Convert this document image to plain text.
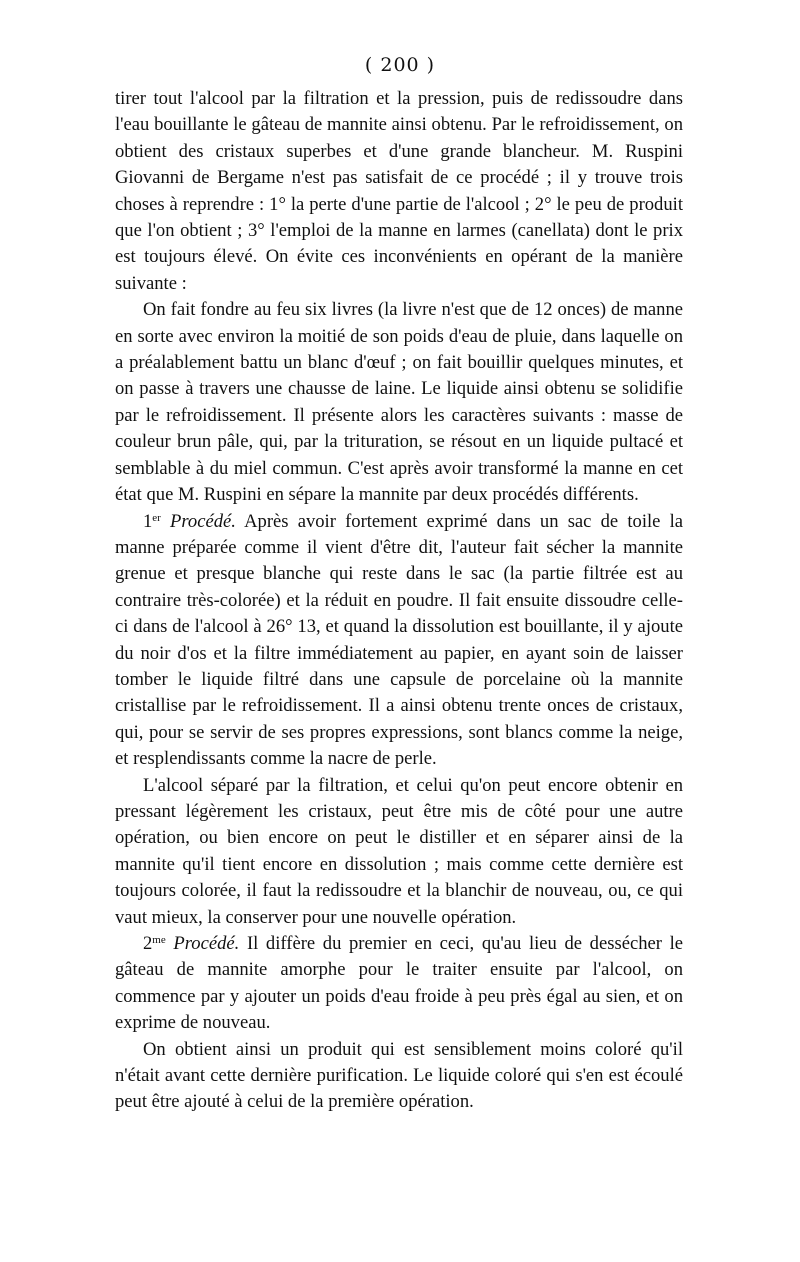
( 200 )

tirer tout l'alcool par la filtration et la pression, puis de redissoudre dans l'eau bouillante le gâteau de mannite ainsi obtenu. Par le refroidissement, on obtient des cristaux superbes et d'une grande blancheur. M. Ruspini Giovanni de Bergame n'est pas satisfait de ce procédé ; il y trouve trois choses à reprendre : 1° la perte d'une partie de l'alcool ; 2° le peu de produit que l'on obtient ; 3° l'emploi de la manne en larmes (canellata) dont le prix est toujours élevé. On évite ces inconvénients en opérant de la manière suivante :

On fait fondre au feu six livres (la livre n'est que de 12 onces) de manne en sorte avec environ la moitié de son poids d'eau de pluie, dans laquelle on a préalablement battu un blanc d'œuf ; on fait bouillir quelques minutes, et on passe à travers une chausse de laine. Le liquide ainsi obtenu se solidifie par le refroidissement. Il présente alors les caractères suivants : masse de couleur brun pâle, qui, par la trituration, se résout en un liquide pultacé et semblable à du miel commun. C'est après avoir transformé la manne en cet état que M. Ruspini en sépare la mannite par deux procédés différents.

1er Procédé. Après avoir fortement exprimé dans un sac de toile la manne préparée comme il vient d'être dit, l'auteur fait sécher la mannite grenue et presque blanche qui reste dans le sac (la partie filtrée est au contraire très-colorée) et la réduit en poudre. Il fait ensuite dissoudre celle-ci dans de l'alcool à 26° 13, et quand la dissolution est bouillante, il y ajoute du noir d'os et la filtre immédiatement au papier, en ayant soin de laisser tomber le liquide filtré dans une capsule de porcelaine où la mannite cristallise par le refroidissement. Il a ainsi obtenu trente onces de cristaux, qui, pour se servir de ses propres expressions, sont blancs comme la neige, et resplendissants comme la nacre de perle.

L'alcool séparé par la filtration, et celui qu'on peut encore obtenir en pressant légèrement les cristaux, peut être mis de côté pour une autre opération, ou bien encore on peut le distiller et en séparer ainsi de la mannite qu'il tient encore en dissolution ; mais comme cette dernière est toujours colorée, il faut la redissoudre et la blanchir de nouveau, ou, ce qui vaut mieux, la conserver pour une nouvelle opération.

$2^{me}$ Procédé. Il diffère du premier en ceci, qu'au lieu de dessécher le gâteau de mannite amorphe pour le traiter ensuite par l'alcool, on commence par y ajouter un poids d'eau froide à peu près égal au sien, et on exprime de nouveau.

On obtient ainsi un produit qui est sensiblement moins coloré qu'il n'était avant cette dernière purification. Le liquide coloré qui s'en est écoulé peut être ajouté à celui de la première opération.
